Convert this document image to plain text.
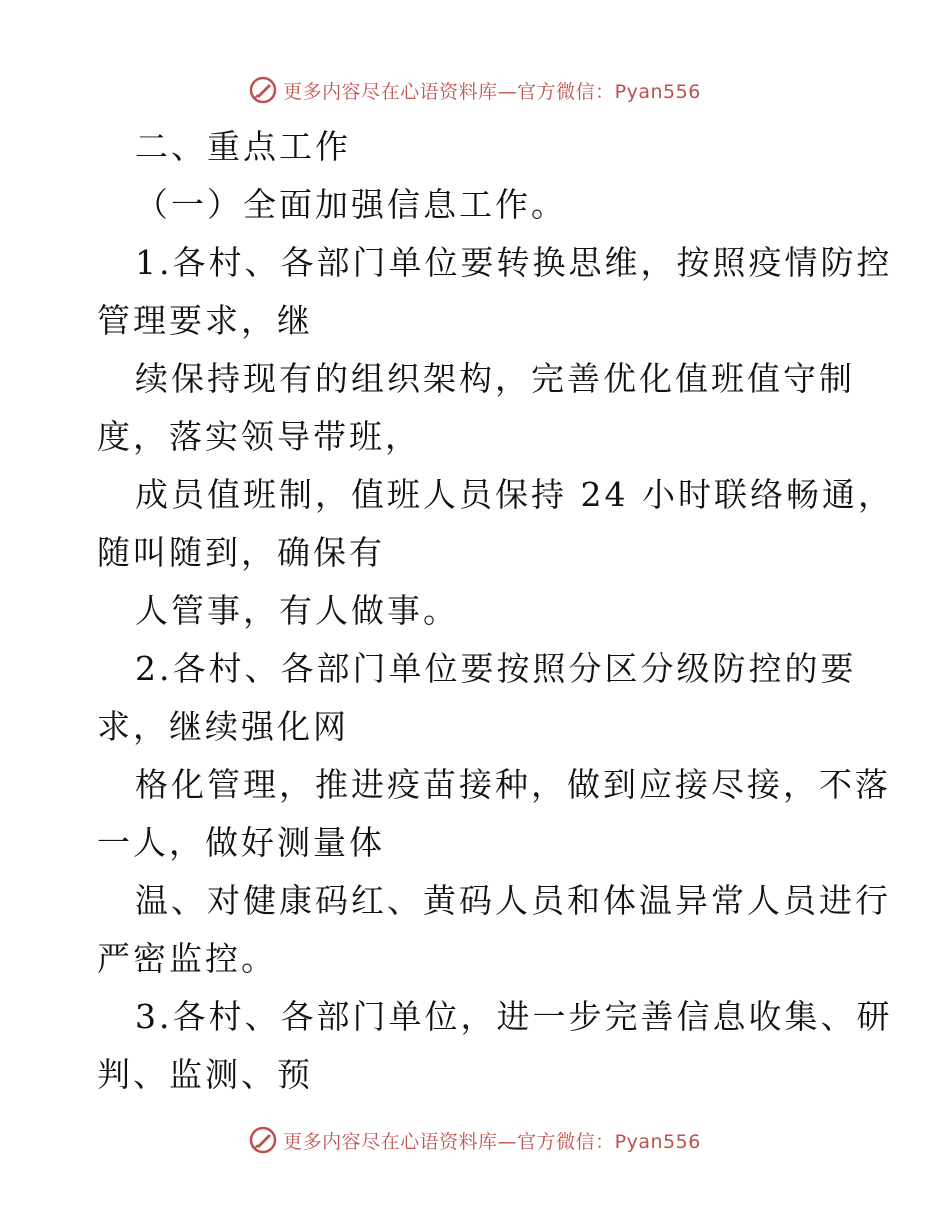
更多内容尽在心语资料库—官方微信：Pyan556
二、重点工作
（一）全面加强信息工作。
1.各村、各部门单位要转换思维，按照疫情防控
管理要求，继
续保持现有的组织架构，完善优化值班值守制
度，落实领导带班，
成员值班制，值班人员保持 24 小时联络畅通，
随叫随到，确保有
人管事，有人做事。
2.各村、各部门单位要按照分区分级防控的要
求，继续强化网
格化管理，推进疫苗接种，做到应接尽接，不落
一人，做好测量体
温、对健康码红、黄码人员和体温异常人员进行
严密监控。
3.各村、各部门单位，进一步完善信息收集、研
判、监测、预
更多内容尽在心语资料库—官方微信：Pyan556
